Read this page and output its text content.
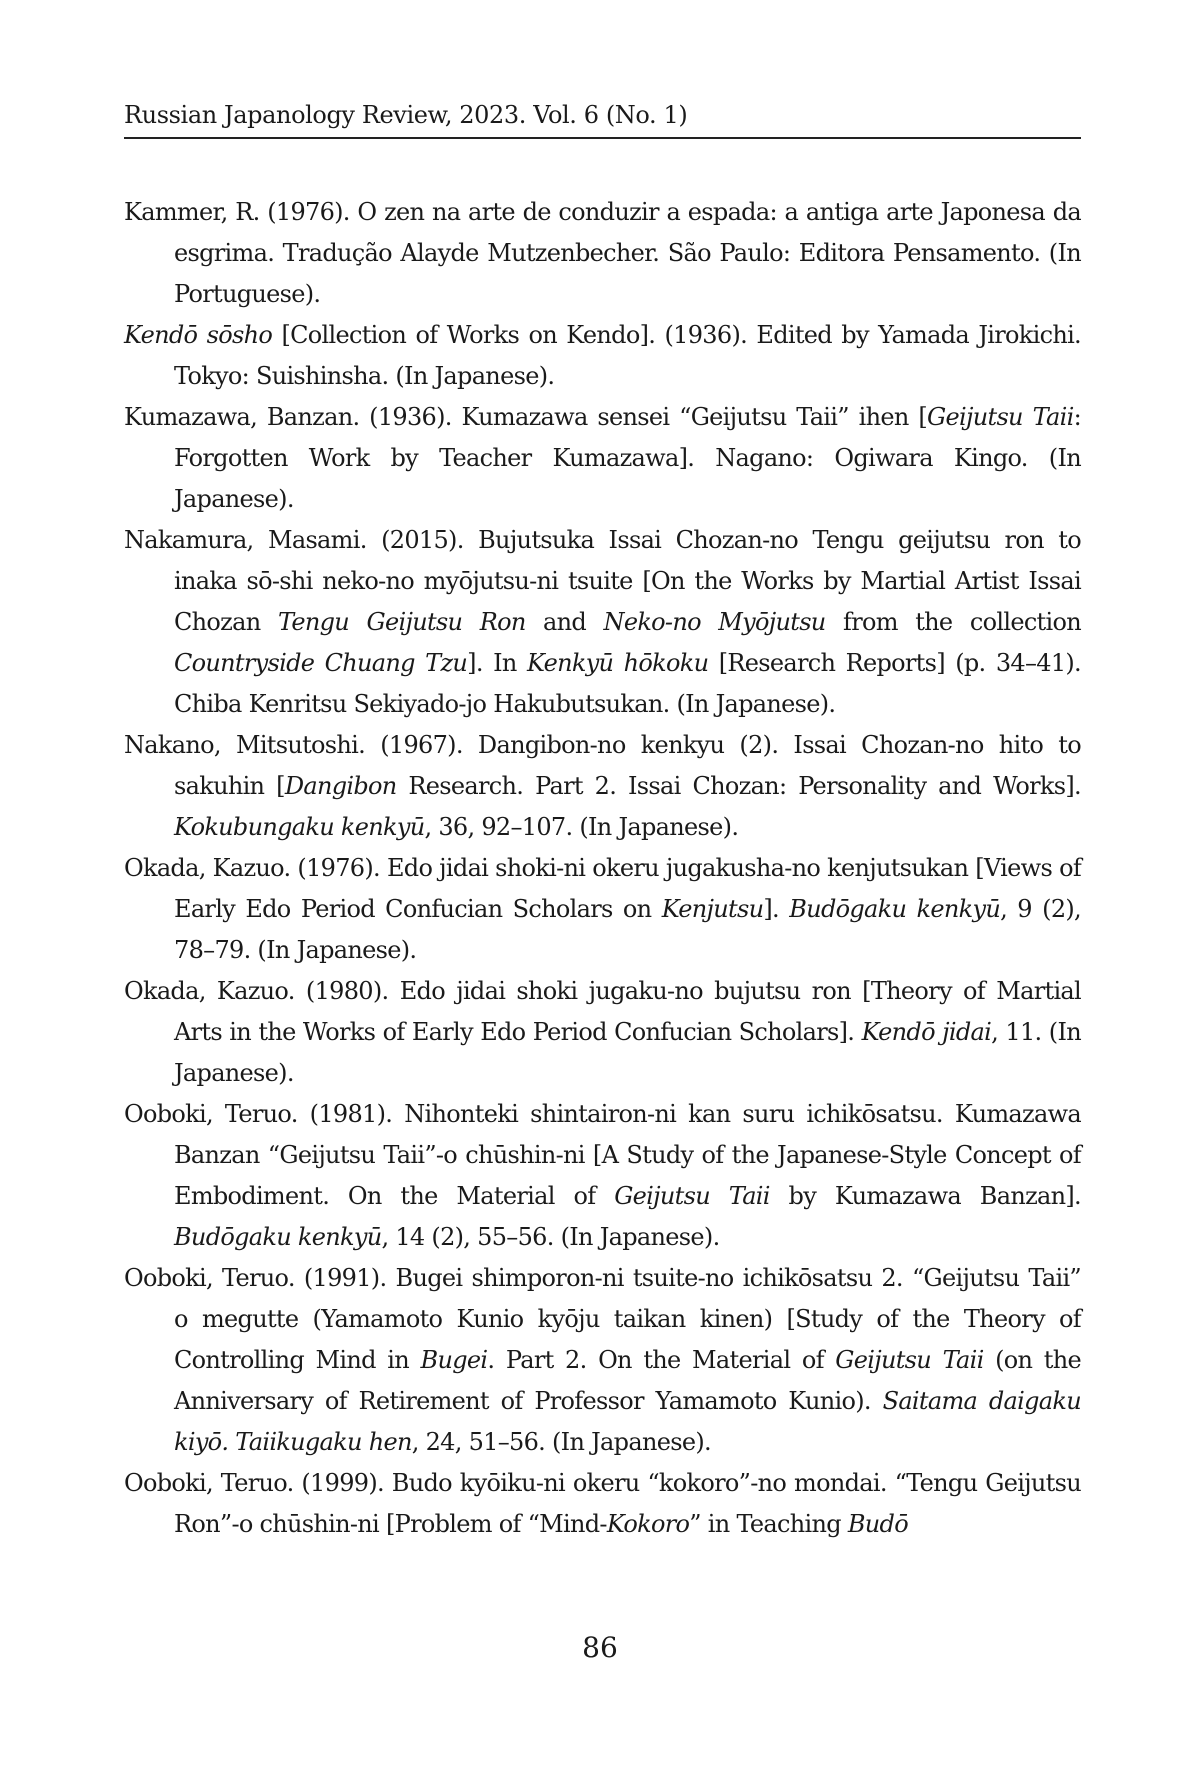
Russian Japanology Review, 2023. Vol. 6 (No. 1)

Kammer, R. (1976). O zen na arte de conduzir a espada: a antiga arte Japonesa da esgrima. Tradução Alayde Mutzenbecher. São Paulo: Editora Pensamento. (In Portuguese).

Kendō sōsho [Collection of Works on Kendo]. (1936). Edited by Yamada Jirokichi. Tokyo: Suishinsha. (In Japanese).

Kumazawa, Banzan. (1936). Kumazawa sensei “Geijutsu Taii” ihen [Geijutsu Taii: Forgotten Work by Teacher Kumazawa]. Nagano: Ogiwara Kingo. (In Japanese).

Nakamura, Masami. (2015). Bujutsuka Issai Chozan-no Tengu geijutsu ron to inaka sō-shi neko-no myōjutsu-ni tsuite [On the Works by Martial Artist Issai Chozan Tengu Geijutsu Ron and Neko-no Myōjutsu from the collection Countryside Chuang Tzu]. In Kenkyū hōkoku [Research Reports] (p. 34–41). Chiba Kenritsu Sekiyado-jo Hakubutsukan. (In Japanese).

Nakano, Mitsutoshi. (1967). Dangibon-no kenkyu (2). Issai Chozan-no hito to sakuhin [Dangibon Research. Part 2. Issai Chozan: Personality and Works]. Kokubungaku kenkyū, 36, 92–107. (In Japanese).

Okada, Kazuo. (1976). Edo jidai shoki-ni okeru jugakusha-no kenjutsukan [Views of Early Edo Period Confucian Scholars on Kenjutsu]. Budōgaku kenkyū, 9 (2), 78–79. (In Japanese).

Okada, Kazuo. (1980). Edo jidai shoki jugaku-no bujutsu ron [Theory of Martial Arts in the Works of Early Edo Period Confucian Scholars]. Kendō jidai, 11. (In Japanese).

Ooboki, Teruo. (1981). Nihonteki shintairon-ni kan suru ichikōsatsu. Kumazawa Banzan “Geijutsu Taii”-o chūshin-ni [A Study of the Japanese-Style Concept of Embodiment. On the Material of Geijutsu Taii by Kumazawa Banzan]. Budōgaku kenkyū, 14 (2), 55–56. (In Japanese).

Ooboki, Teruo. (1991). Bugei shimporon-ni tsuite-no ichikōsatsu 2. “Geijutsu Taii” o megutte (Yamamoto Kunio kyōju taikan kinen) [Study of the Theory of Controlling Mind in Bugei. Part 2. On the Material of Geijutsu Taii (on the Anniversary of Retirement of Professor Yamamoto Kunio). Saitama daigaku kiyō. Taiikugaku hen, 24, 51–56. (In Japanese).

Ooboki, Teruo. (1999). Budo kyōiku-ni okeru “kokoro”-no mondai. “Tengu Geijutsu Ron”-o chūshin-ni [Problem of “Mind-Kokoro” in Teaching Budō

86
